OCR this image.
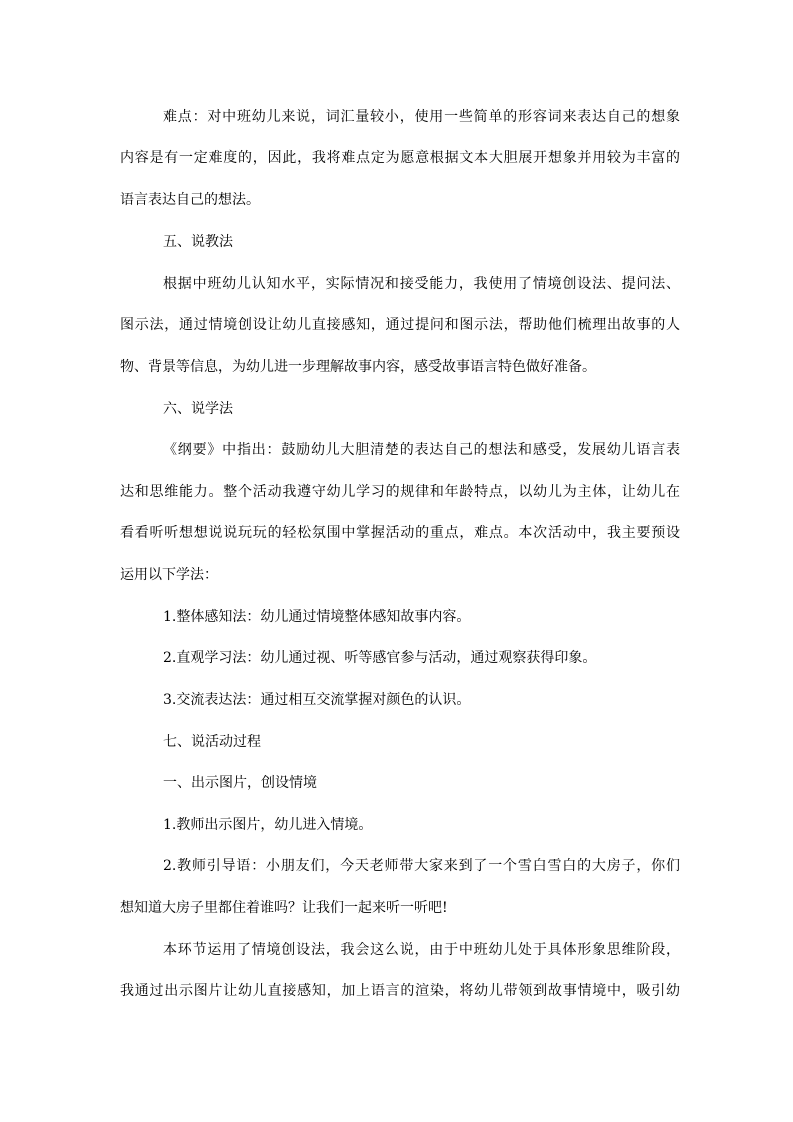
难点：对中班幼儿来说，词汇量较小，使用一些简单的形容词来表达自己的想象
内容是有一定难度的，因此，我将难点定为愿意根据文本大胆展开想象并用较为丰富的
语言表达自己的想法。
五、说教法
根据中班幼儿认知水平，实际情况和接受能力，我使用了情境创设法、提问法、
图示法，通过情境创设让幼儿直接感知，通过提问和图示法，帮助他们梳理出故事的人
物、背景等信息，为幼儿进一步理解故事内容，感受故事语言特色做好准备。
六、说学法
《纲要》中指出：鼓励幼儿大胆清楚的表达自己的想法和感受，发展幼儿语言表
达和思维能力。整个活动我遵守幼儿学习的规律和年龄特点，以幼儿为主体，让幼儿在
看看听听想想说说玩玩的轻松氛围中掌握活动的重点，难点。本次活动中，我主要预设
运用以下学法：
1.整体感知法：幼儿通过情境整体感知故事内容。
2.直观学习法：幼儿通过视、听等感官参与活动，通过观察获得印象。
3.交流表达法：通过相互交流掌握对颜色的认识。
七、说活动过程
一、出示图片，创设情境
1.教师出示图片，幼儿进入情境。
2.教师引导语：小朋友们，今天老师带大家来到了一个雪白雪白的大房子，你们
想知道大房子里都住着谁吗？让我们一起来听一听吧!
本环节运用了情境创设法，我会这么说，由于中班幼儿处于具体形象思维阶段，
我通过出示图片让幼儿直接感知，加上语言的渲染，将幼儿带领到故事情境中，吸引幼
